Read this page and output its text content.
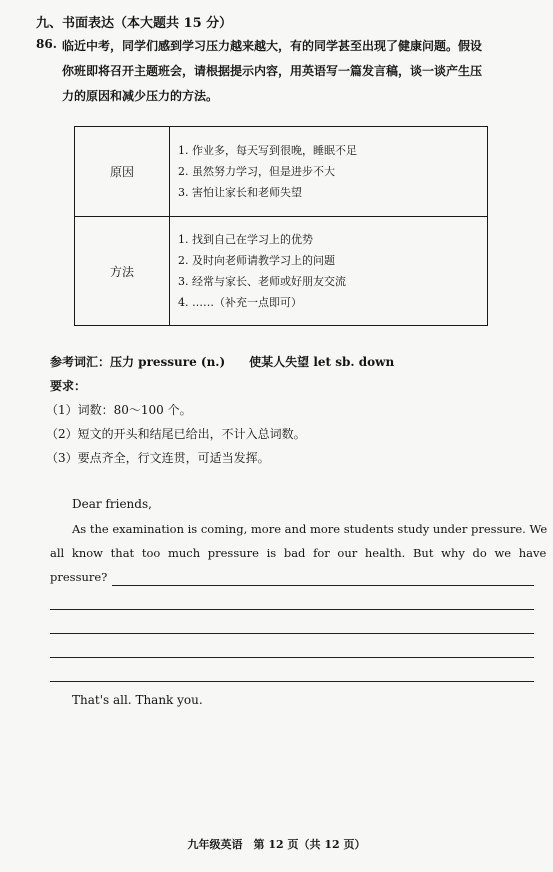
九、书面表达（本大题共 15 分）
86. 临近中考，同学们感到学习压力越来越大，有的同学甚至出现了健康问题。假设
你班即将召开主题班会，请根据提示内容，用英语写一篇发言稿，谈一谈产生压
力的原因和减少压力的方法。
原因	1. 作业多，每天写到很晚，睡眠不足
2. 虽然努力学习，但是进步不大
3. 害怕让家长和老师失望

方法	1. 找到自己在学习上的优势
2. 及时向老师请教学习上的问题
3. 经常与家长、老师或好朋友交流
4. ……（补充一点即可）
参考词汇：压力 pressure (n.)　　使某人失望 let sb. down
要求：
（1）词数：80～100 个。
（2）短文的开头和结尾已给出，不计入总词数。
（3）要点齐全，行文连贯，可适当发挥。
Dear friends,
As the examination is coming, more and more students study under pressure. We
all know that too much pressure is bad for our health. But why do we have
pressure?
That's all. Thank you.
九年级英语　第 12 页（共 12 页）
